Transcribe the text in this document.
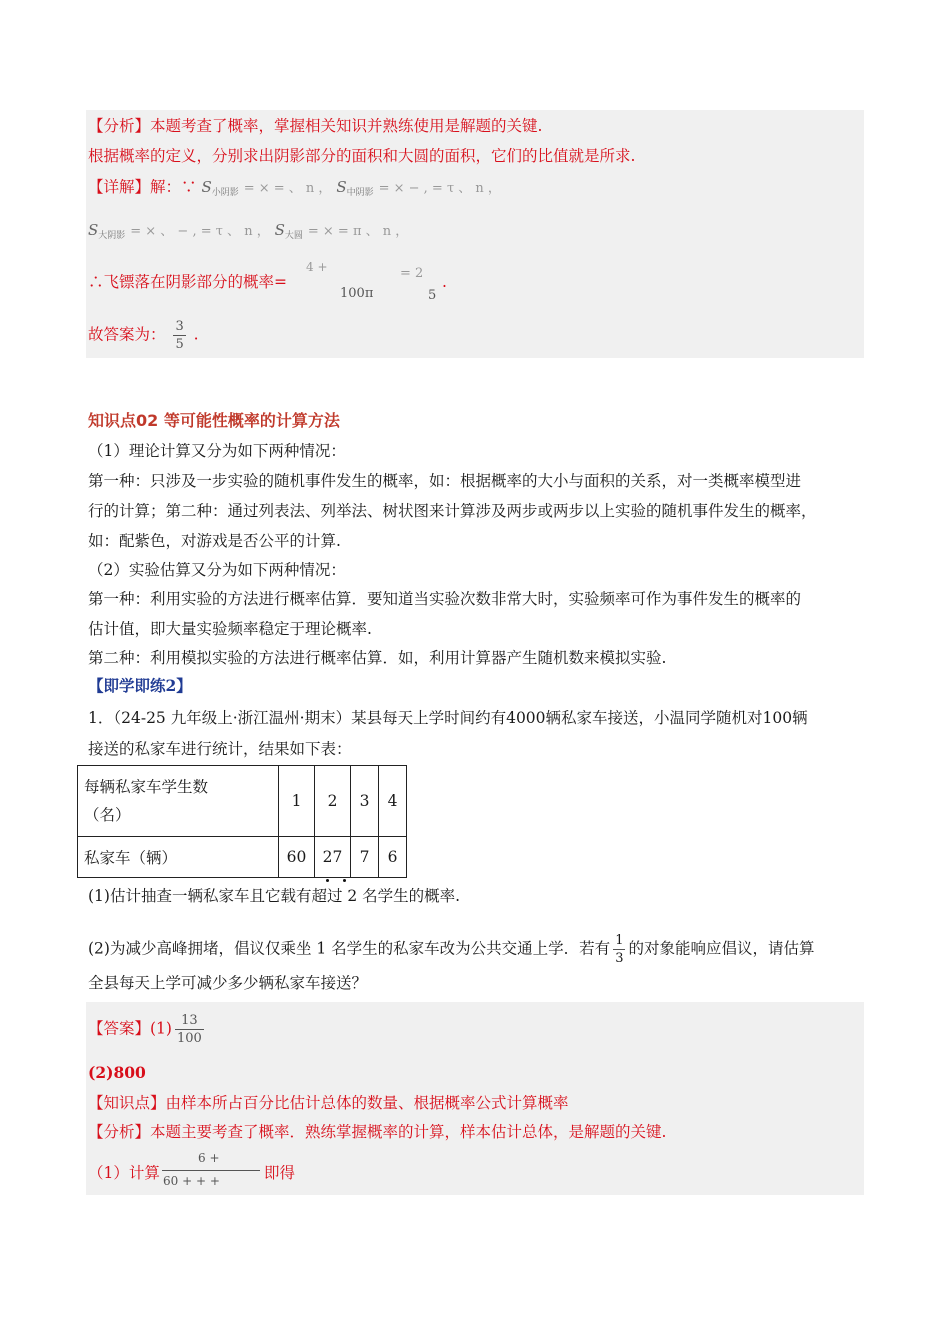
【分析】本题考查了概率，掌握相关知识并熟练使用是解题的关键.
根据概率的定义，分别求出阴影部分的面积和大圆的面积，它们的比值就是所求.
【详解】解：∵ $S_{小阴影}$ = × = 、 n ， $S_{中阴影}$ = × − , = τ 、 n ，
$S_{大阴影}$ = × 、 − , = τ 、 n ， $S_{大圆}$ = × = π 、 n ，
∴飞镖落在阴影部分的概率=
4 +
100π
= 2
5
.
故答案为： $\frac{3}{5}$ .
知识点02 等可能性概率的计算方法
（1）理论计算又分为如下两种情况：
第一种：只涉及一步实验的随机事件发生的概率，如：根据概率的大小与面积的关系，对一类概率模型进
行的计算；第二种：通过列表法、列举法、树状图来计算涉及两步或两步以上实验的随机事件发生的概率，
如：配紫色，对游戏是否公平的计算.
（2）实验估算又分为如下两种情况：
第一种：利用实验的方法进行概率估算．要知道当实验次数非常大时，实验频率可作为事件发生的概率的
估计值，即大量实验频率稳定于理论概率.
第二种：利用模拟实验的方法进行概率估算．如，利用计算器产生随机数来模拟实验.
【即学即练2】
1．（24-25 九年级上·浙江温州·期末）某县每天上学时间约有4000辆私家车接送，小温同学随机对100辆
接送的私家车进行统计，结果如下表：
每辆私家车学生数
（名）	1	2	3	4
私家车（辆）	60	27	7	6
(1)估计抽查一辆私家车且它载有超过 2 名学生的概率.
(2)为减少高峰拥堵，倡议仅乘坐 1 名学生的私家车改为公共交通上学．若有 $\frac{1}{3}$ 的对象能响应倡议，请估算
全县每天上学可减少多少辆私家车接送？
【答案】$(1) \frac{13}{100}$
(2)800
【知识点】由样本所占百分比估计总体的数量、根据概率公式计算概率
【分析】本题主要考查了概率．熟练掌握概率的计算，样本估计总体，是解题的关键.
（1）计算
6 +
60 + + +	即得
